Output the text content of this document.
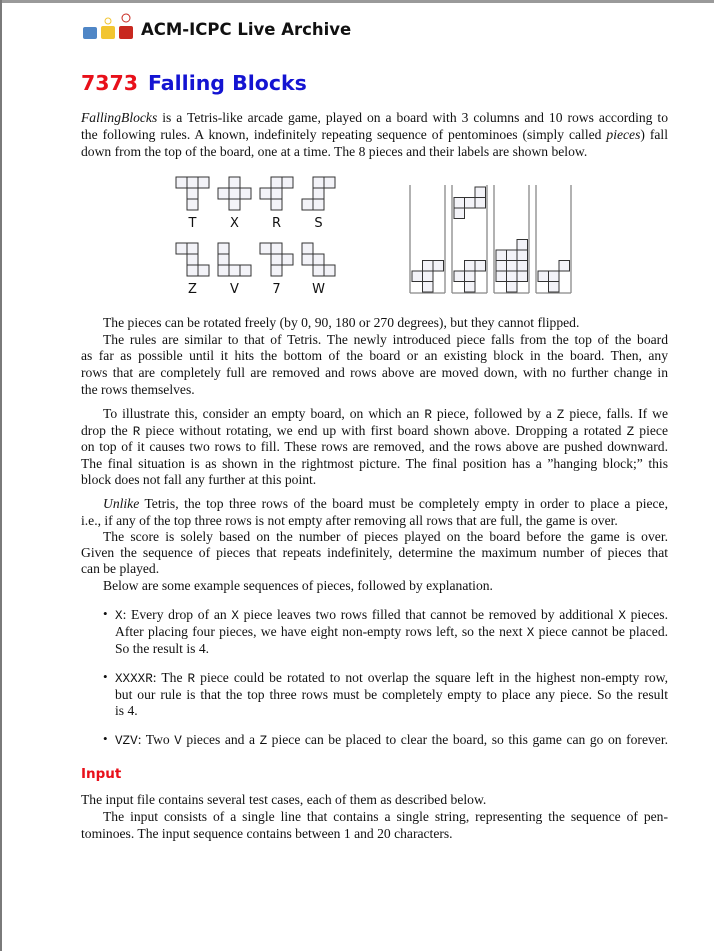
ACM-ICPC Live Archive
7373 Falling Blocks
T	X	R	S
Z	V	7 W
FallingBlocks is a Tetris-like arcade game, played on a board with 3 columns and 10 rows according to
the following rules. A known, indefinitely repeating sequence of pentominoes (simply called pieces) fall
down from the top of the board, one at a time. The 8 pieces and their labels are shown below.
The pieces can be rotated freely (by 0, 90, 180 or 270 degrees), but they cannot flipped.
The rules are similar to that of Tetris. The newly introduced piece falls from the top of the board
as far as possible until it hits the bottom of the board or an existing block in the board. Then, any
rows that are completely full are removed and rows above are moved down, with no further change in
the rows themselves.
To illustrate this, consider an empty board, on which an R piece, followed by a Z piece, falls. If we
drop the R piece without rotating, we end up with first board shown above. Dropping a rotated Z piece
on top of it causes two rows to fill. These rows are removed, and the rows above are pushed downward.
The final situation is as shown in the rightmost picture. The final position has a ”hanging block;” this
block does not fall any further at this point.
Unlike Tetris, the top three rows of the board must be completely empty in order to place a piece,
i.e., if any of the top three rows is not empty after removing all rows that are full, the game is over.
The score is solely based on the number of pieces played on the board before the game is over.
Given the sequence of pieces that repeats indefinitely, determine the maximum number of pieces that
can be played.
Below are some example sequences of pieces, followed by explanation.
X: Every drop of an X piece leaves two rows filled that cannot be removed by additional X pieces.
•
After placing four pieces, we have eight non-empty rows left, so the next X piece cannot be placed.
So the result is 4.
XXXXR: The R piece could be rotated to not overlap the square left in the highest non-empty row,
•
but our rule is that the top three rows must be completely empty to place any piece. So the result
is 4.
VZV: Two V pieces and a Z piece can be placed to clear the board, so this game can go on forever.
•
The input file contains several test cases, each of them as described below.
The input consists of a single line that contains a single string, representing the sequence of pen-
tominoes. The input sequence contains between 1 and 20 characters.
Input
